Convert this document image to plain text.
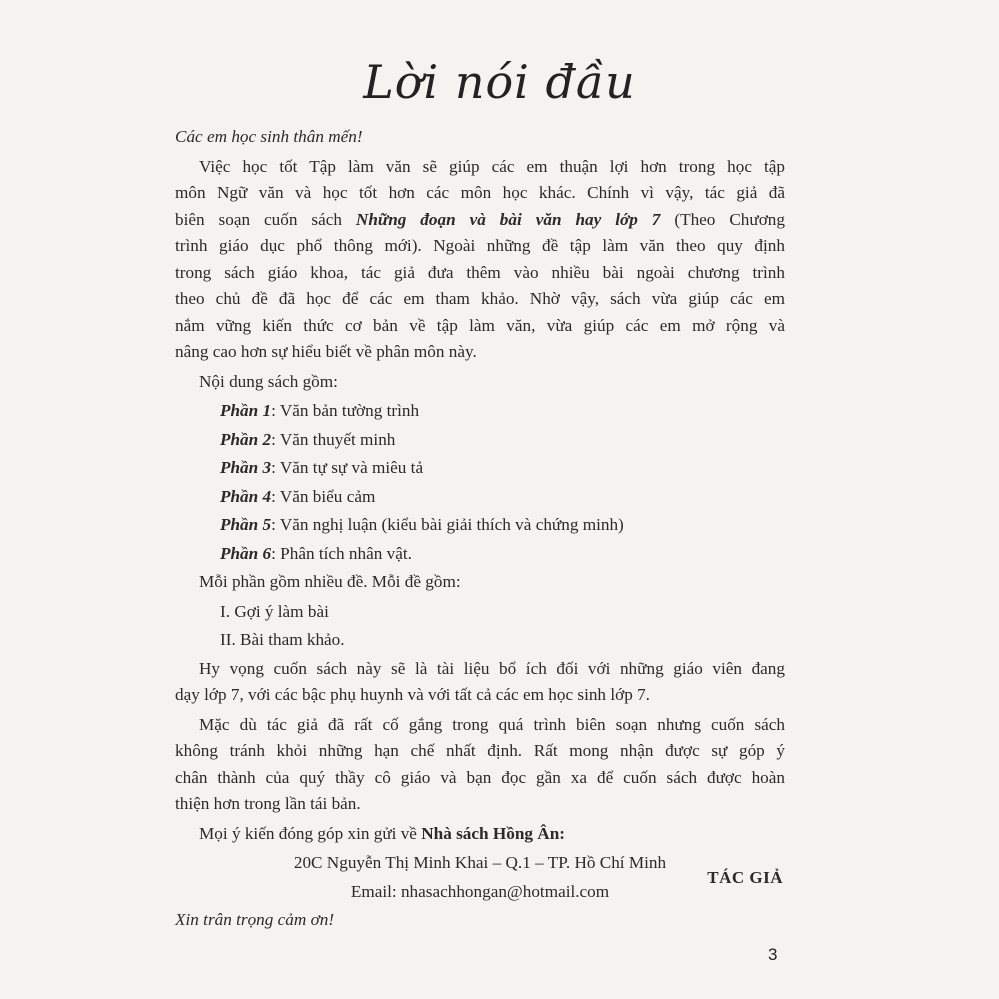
Lời nói đầu
Các em học sinh thân mến!
Việc học tốt Tập làm văn sẽ giúp các em thuận lợi hơn trong học tập
môn Ngữ văn và học tốt hơn các môn học khác. Chính vì vậy, tác giả đã
biên soạn cuốn sách Những đoạn và bài văn hay lớp 7 (Theo Chương
trình giáo dục phổ thông mới). Ngoài những đề tập làm văn theo quy định
trong sách giáo khoa, tác giả đưa thêm vào nhiều bài ngoài chương trình
theo chủ đề đã học để các em tham khảo. Nhờ vậy, sách vừa giúp các em
nắm vững kiến thức cơ bản về tập làm văn, vừa giúp các em mở rộng và
nâng cao hơn sự hiểu biết về phân môn này.
Nội dung sách gồm:
Phần 1: Văn bản tường trình
Phần 2: Văn thuyết minh
Phần 3: Văn tự sự và miêu tả
Phần 4: Văn biểu cảm
Phần 5: Văn nghị luận (kiểu bài giải thích và chứng minh)
Phần 6: Phân tích nhân vật.
Mỗi phần gồm nhiều đề. Mỗi đề gồm:
I. Gợi ý làm bài
II. Bài tham khảo.
Hy vọng cuốn sách này sẽ là tài liệu bổ ích đối với những giáo viên đang
dạy lớp 7, với các bậc phụ huynh và với tất cả các em học sinh lớp 7.
Mặc dù tác giả đã rất cố gắng trong quá trình biên soạn nhưng cuốn sách
không tránh khỏi những hạn chế nhất định. Rất mong nhận được sự góp ý
chân thành của quý thầy cô giáo và bạn đọc gần xa để cuốn sách được hoàn
thiện hơn trong lần tái bản.
Mọi ý kiến đóng góp xin gửi về Nhà sách Hồng Ân:
20C Nguyễn Thị Minh Khai – Q.1 – TP. Hồ Chí Minh
Email: nhasachhongan@hotmail.com
Xin trân trọng cảm ơn!
TÁC GIẢ
3
